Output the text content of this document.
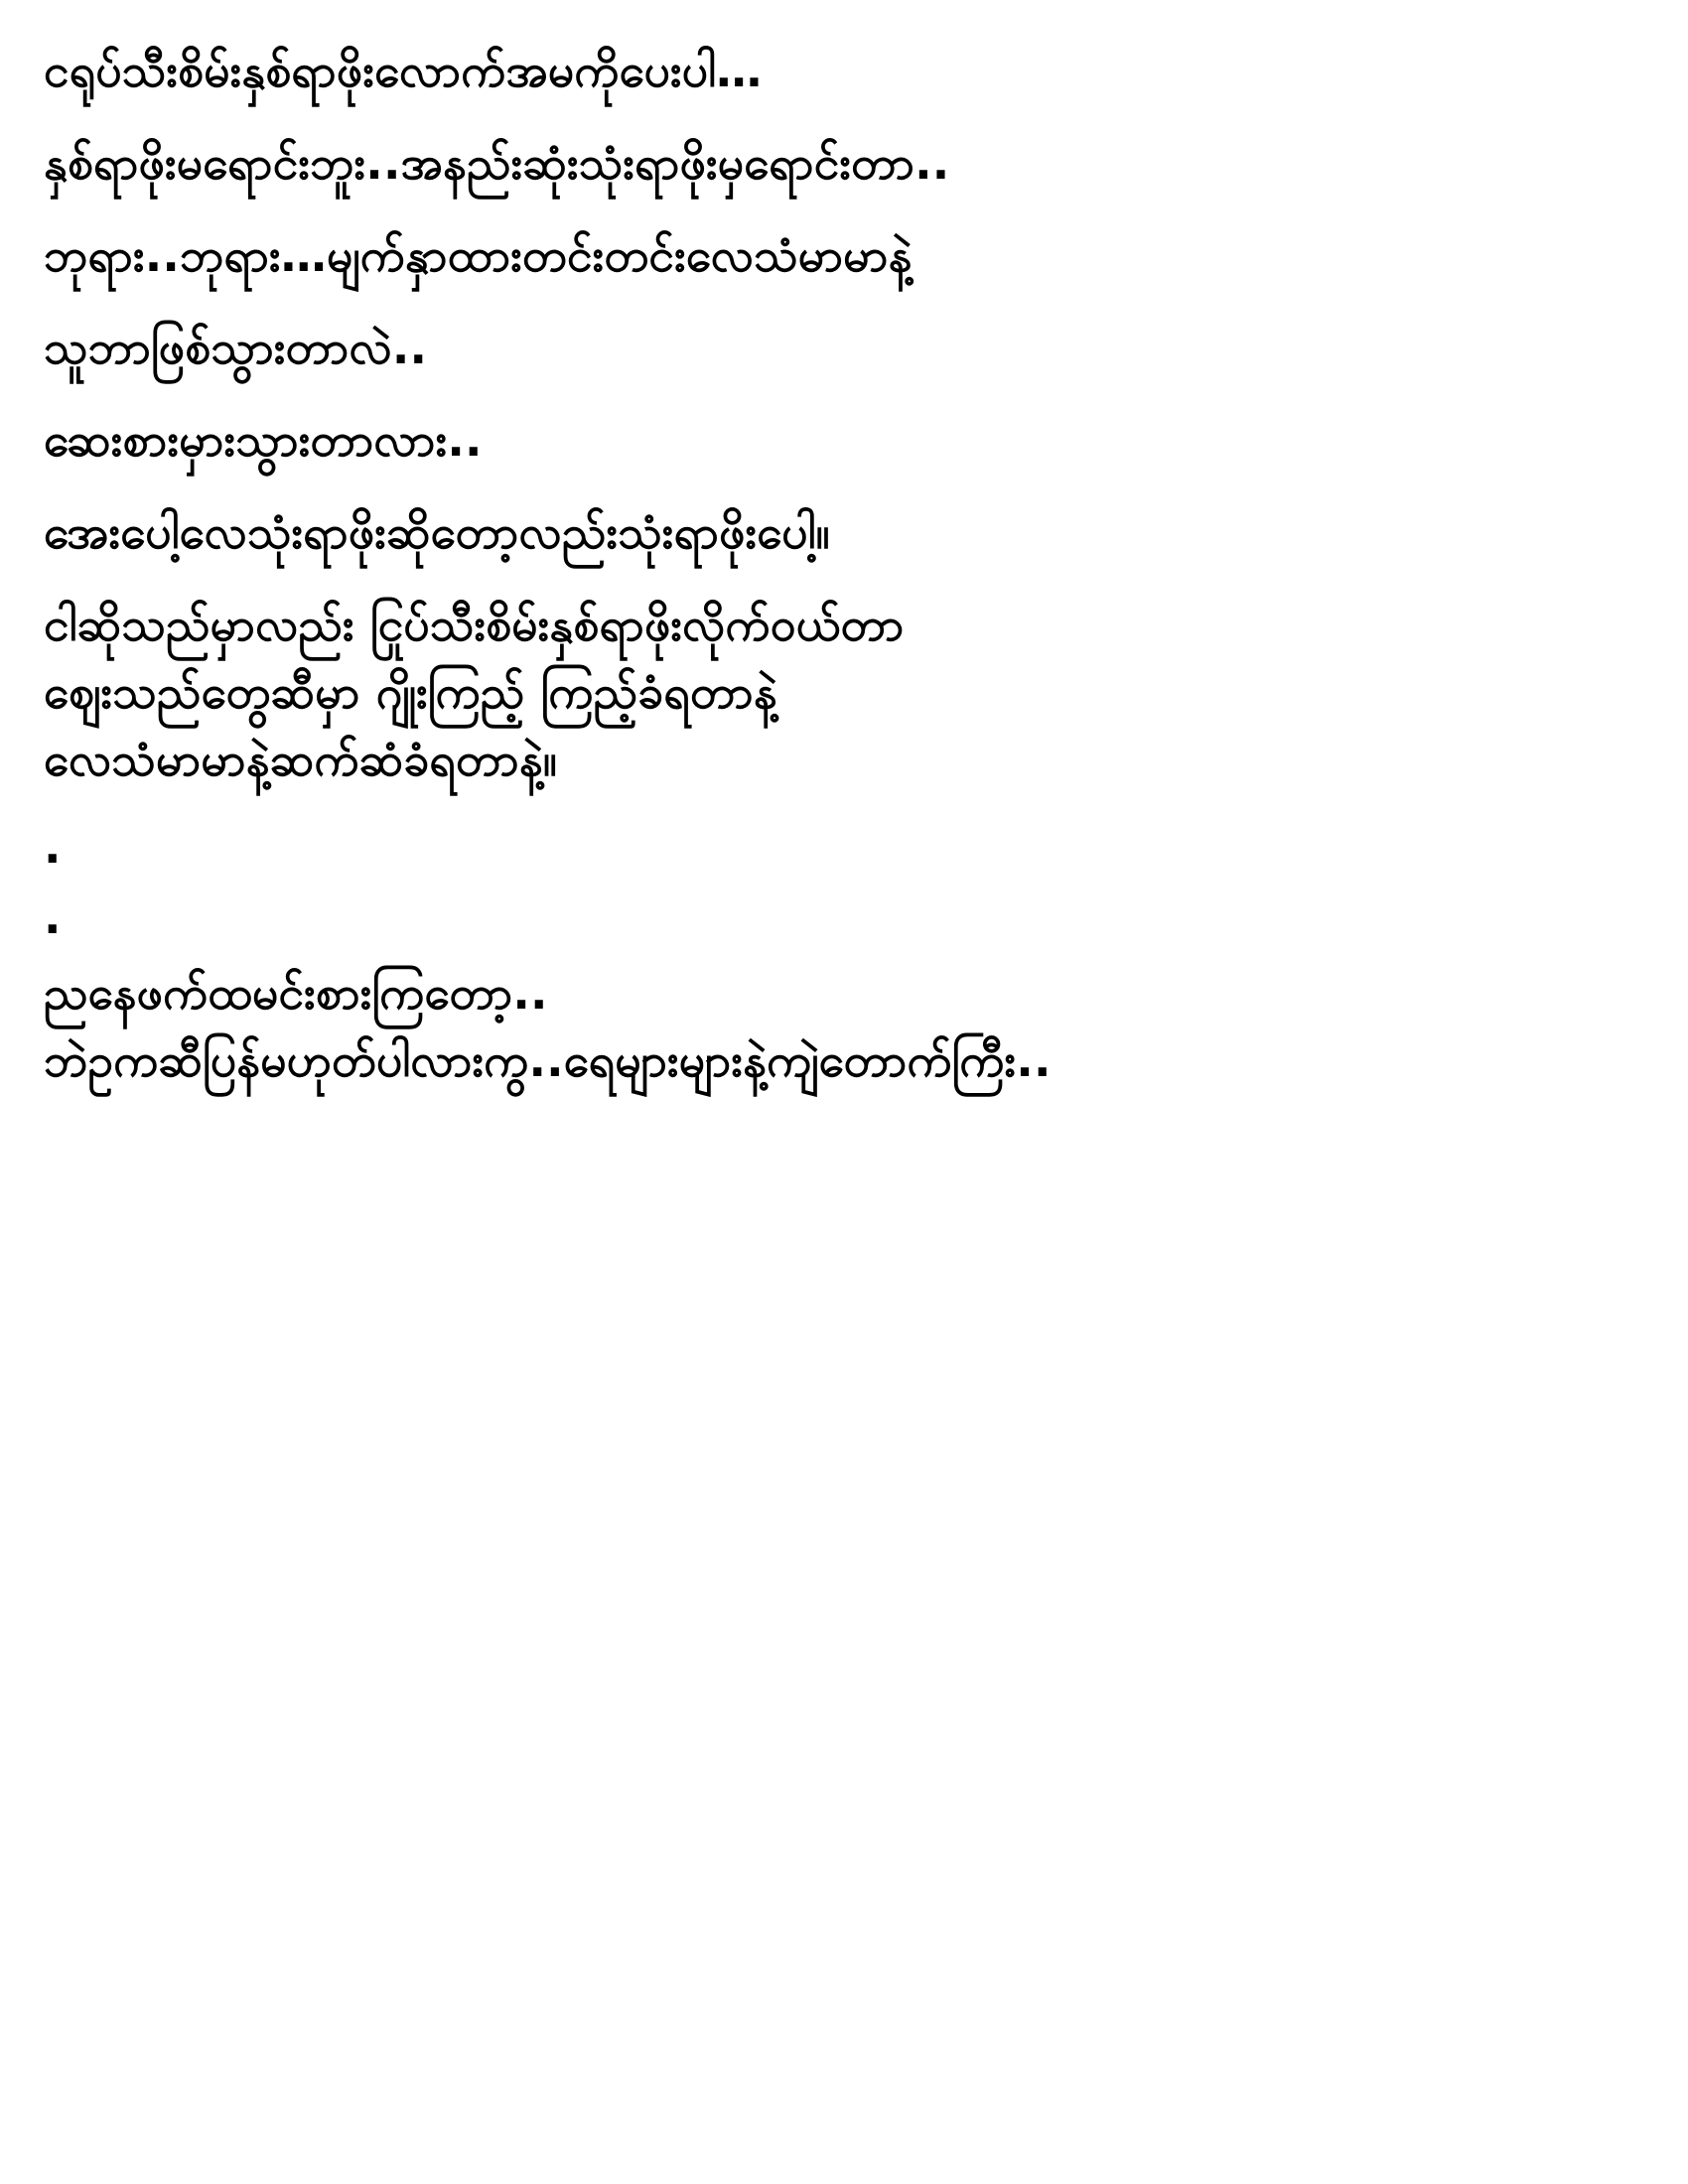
ငရုပ်သီးစိမ်းနှစ်ရာဖိုးလောက်အမကိုပေးပါ…

နှစ်ရာဖိုးမရောင်းဘူး..အနည်းဆုံးသုံးရာဖိုးမှရောင်းတာ..

ဘုရား..ဘုရား…မျက်နှာထားတင်းတင်းလေသံမာမာနဲ့

သူဘာဖြစ်သွားတာလဲ..

ဆေးစားမှားသွားတာလား..

အေးပေါ့လေသုံးရာဖိုးဆိုတော့လည်းသုံးရာဖိုးပေါ့။

ငါဆိုသည်မှာလည်း ငြုပ်သီးစိမ်းနှစ်ရာဖိုးလိုက်ဝယ်တာ

ဈေးသည်တွေဆီမှာ ဂျိုးကြည့် ကြည့်ခံရတာနဲ့

လေသံမာမာနဲ့ဆက်ဆံခံရတာနဲ့။

.

.

ညနေဖက်ထမင်းစားကြတော့..

ဘဲဥကဆီပြန်မဟုတ်ပါလားကွ..ရေများများနဲ့ကျဲတောက်ကြီး..
